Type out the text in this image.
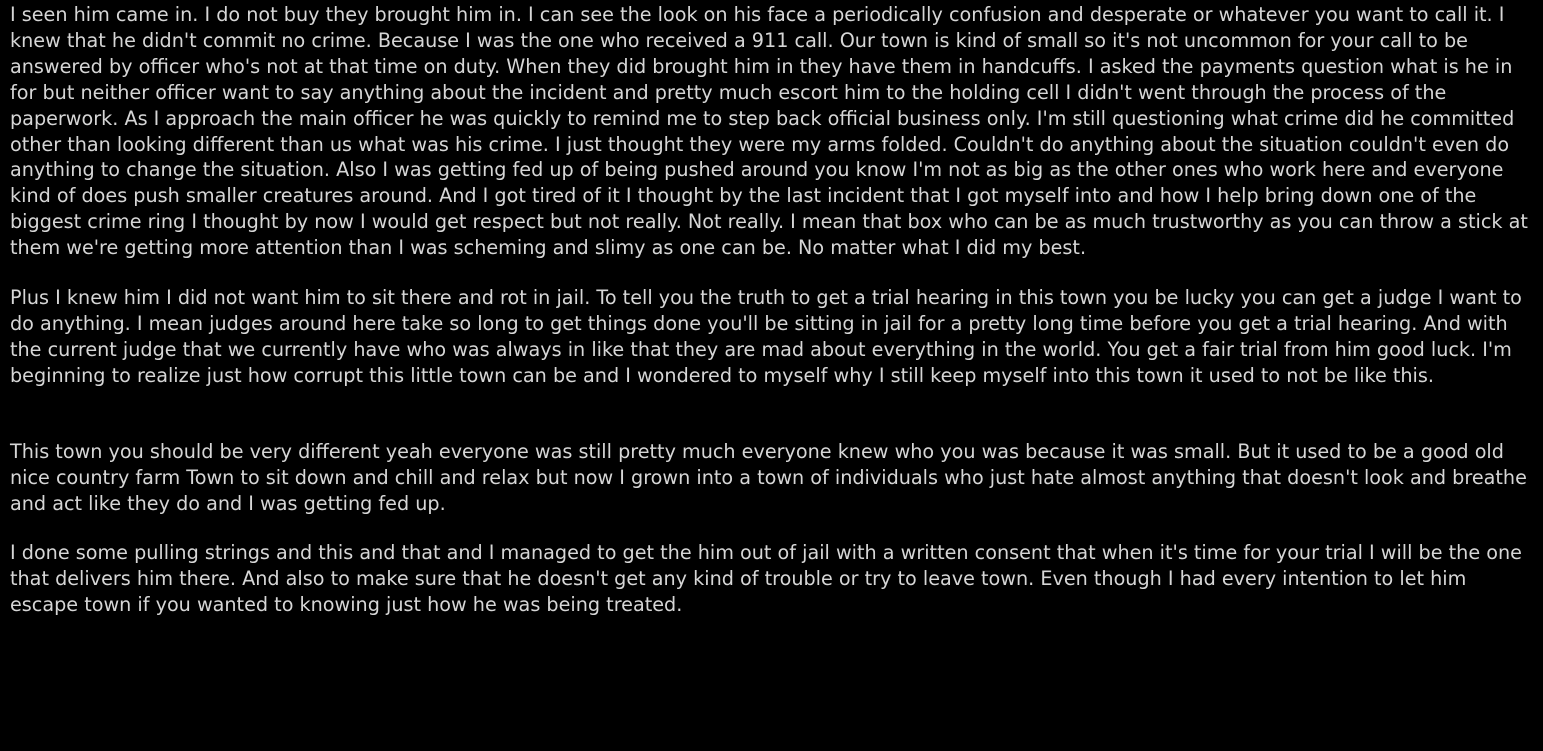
I seen him came in. I do not buy they brought him in. I can see the look on his face a periodically confusion and desperate or whatever you want to call it. I knew that he didn't commit no crime. Because I was the one who received a 911 call. Our town is kind of small so it's not uncommon for your call to be answered by officer who's not at that time on duty. When they did brought him in they have them in handcuffs. I asked the payments question what is he in for but neither officer want to say anything about the incident and pretty much escort him to the holding cell I didn't went through the process of the paperwork. As I approach the main officer he was quickly to remind me to step back official business only. I'm still questioning what crime did he committed other than looking different than us what was his crime. I just thought they were my arms folded. Couldn't do anything about the situation couldn't even do anything to change the situation. Also I was getting fed up of being pushed around you know I'm not as big as the other ones who work here and everyone kind of does push smaller creatures around. And I got tired of it I thought by the last incident that I got myself into and how I help bring down one of the biggest crime ring I thought by now I would get respect but not really. Not really. I mean that box who can be as much trustworthy as you can throw a stick at them we're getting more attention than I was scheming and slimy as one can be. No matter what I did my best.

Plus I knew him I did not want him to sit there and rot in jail. To tell you the truth to get a trial hearing in this town you be lucky you can get a judge I want to do anything. I mean judges around here take so long to get things done you'll be sitting in jail for a pretty long time before you get a trial hearing. And with the current judge that we currently have who was always in like that they are mad about everything in the world. You get a fair trial from him good luck. I'm beginning to realize just how corrupt this little town can be and I wondered to myself why I still keep myself into this town it used to not be like this.

This town you should be very different yeah everyone was still pretty much everyone knew who you was because it was small. But it used to be a good old nice country farm Town to sit down and chill and relax but now I grown into a town of individuals who just hate almost anything that doesn't look and breathe and act like they do and I was getting fed up.

I done some pulling strings and this and that and I managed to get the him out of jail with a written consent that when it's time for your trial I will be the one that delivers him there. And also to make sure that he doesn't get any kind of trouble or try to leave town. Even though I had every intention to let him escape town if you wanted to knowing just how he was being treated.
